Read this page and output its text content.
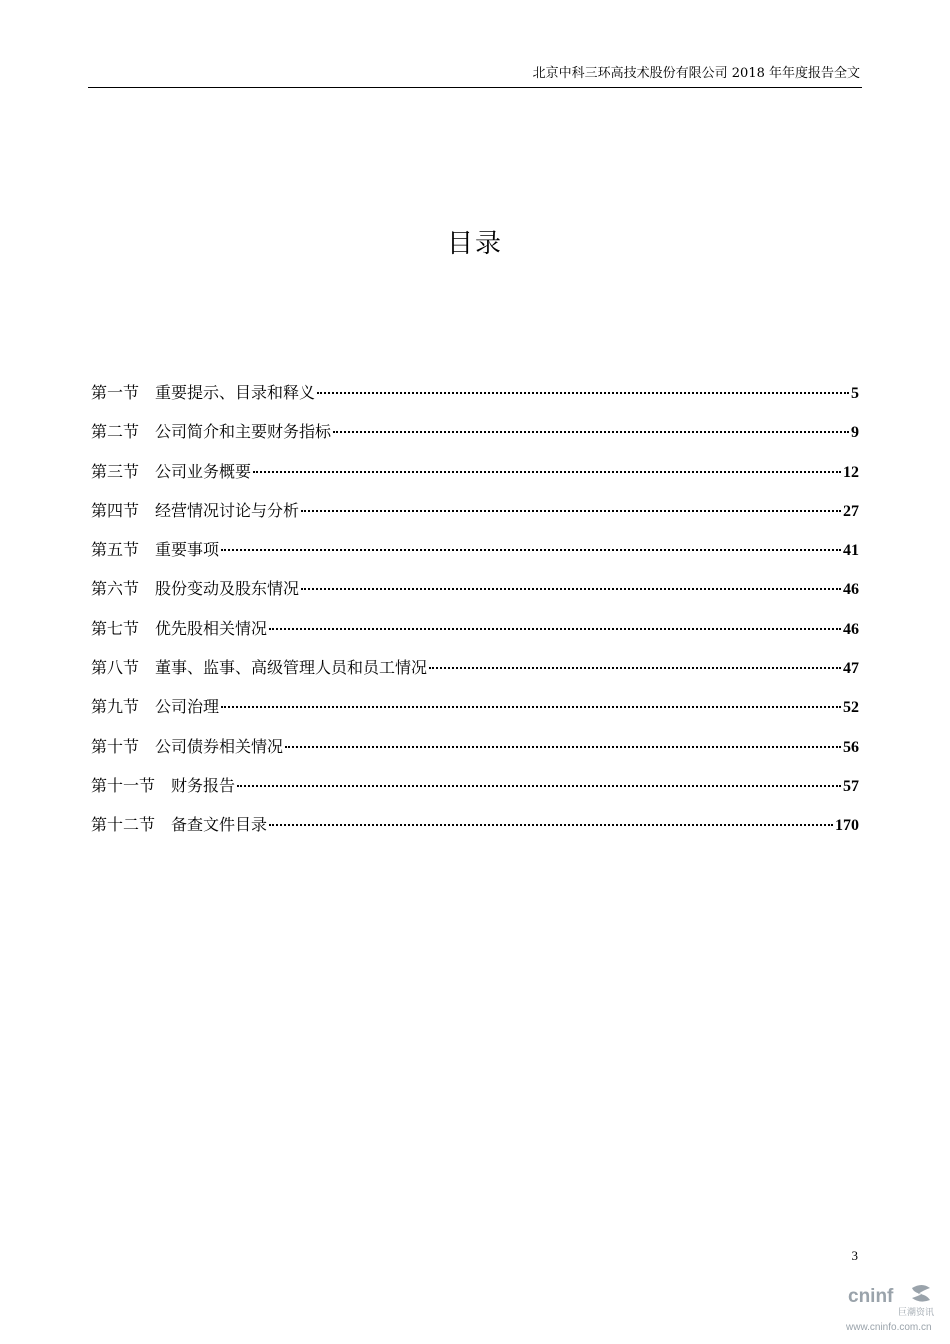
北京中科三环高技术股份有限公司 2018 年年度报告全文
目录
第一节  重要提示、目录和释义	5
第二节  公司简介和主要财务指标	9
第三节  公司业务概要	12
第四节  经营情况讨论与分析	27
第五节  重要事项	41
第六节  股份变动及股东情况	46
第七节  优先股相关情况	46
第八节  董事、监事、高级管理人员和员工情况	47
第九节  公司治理	52
第十节  公司债券相关情况	56
第十一节  财务报告	57
第十二节  备查文件目录	170
3
cninf
巨潮资讯
www.cninfo.com.cn
